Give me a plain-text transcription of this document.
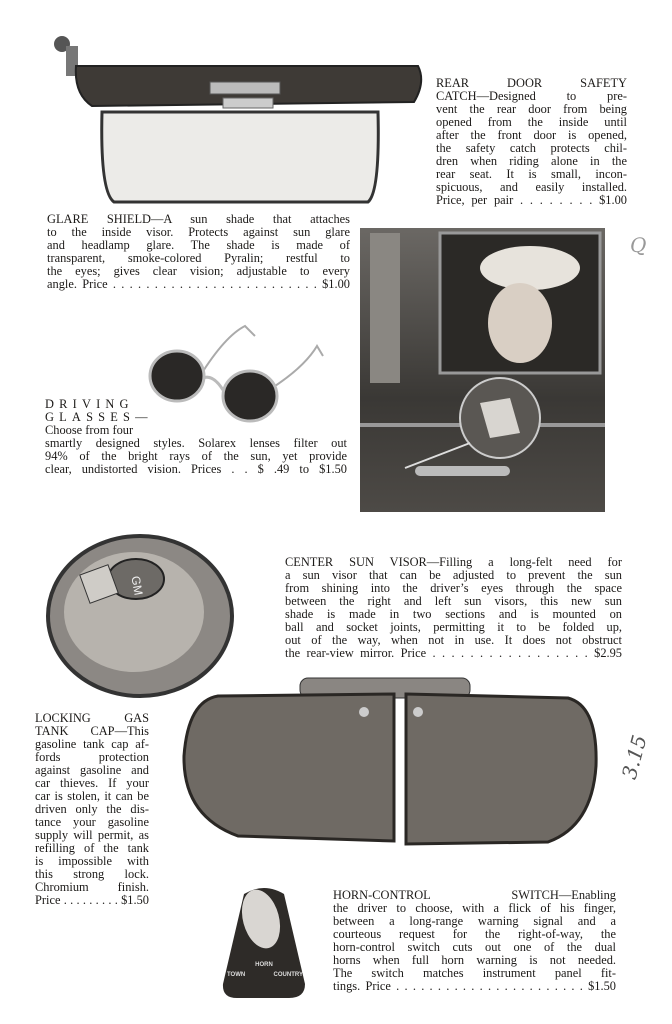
REAR DOOR SAFETY
CATCH—Designed to pre-
vent the rear door from being
opened from the inside until
after the front door is opened,
the safety catch protects chil-
dren when riding alone in the
rear seat. It is small, incon-
spicuous, and easily installed.
Price, per pair . . . . . . . . $1.00
GLARE SHIELD—A sun shade that attaches
to the inside visor. Protects against sun glare
and headlamp glare. The shade is made of
transparent, smoke-colored Pyralin; restful to
the eyes; gives clear vision; adjustable to every
angle. Price . . . . . . . . . . . . . . . . . . . . . . . . . $1.00
DRIVING
GLASSES—
Choose from four
smartly designed styles. Solarex lenses filter out
94% of the bright rays of the sun, yet provide
clear, undistorted vision. Prices . . $ .49 to $1.50
GM
CENTER SUN VISOR—Filling a long-felt need for
a sun visor that can be adjusted to prevent the sun
from shining into the driver’s eyes through the space
between the right and left sun visors, this new sun
shade is made in two sections and is mounted on
ball and socket joints, permitting it to be folded up,
out of the way, when not in use. It does not obstruct
the rear-view mirror. Price . . . . . . . . . . . . . . . . . $2.95
LOCKING GAS
TANK CAP—This
gasoline tank cap af-
fords protection
against gasoline and
car thieves. If your
car is stolen, it can be
driven only the dis-
tance your gasoline
supply will permit, as
refilling of the tank
is impossible with
this strong lock.
Chromium finish.
Price . . . . . . . . . $1.50
HORN
TOWN	COUNTRY
HORN-CONTROL SWITCH—Enabling
the driver to choose, with a flick of his finger,
between a long-range warning signal and a
courteous request for the right-of-way, the
horn-control switch cuts out one of the dual
horns when full horn warning is not needed.
The switch matches instrument panel fit-
tings. Price . . . . . . . . . . . . . . . . . . . . . . . $1.50
3.15
Q
